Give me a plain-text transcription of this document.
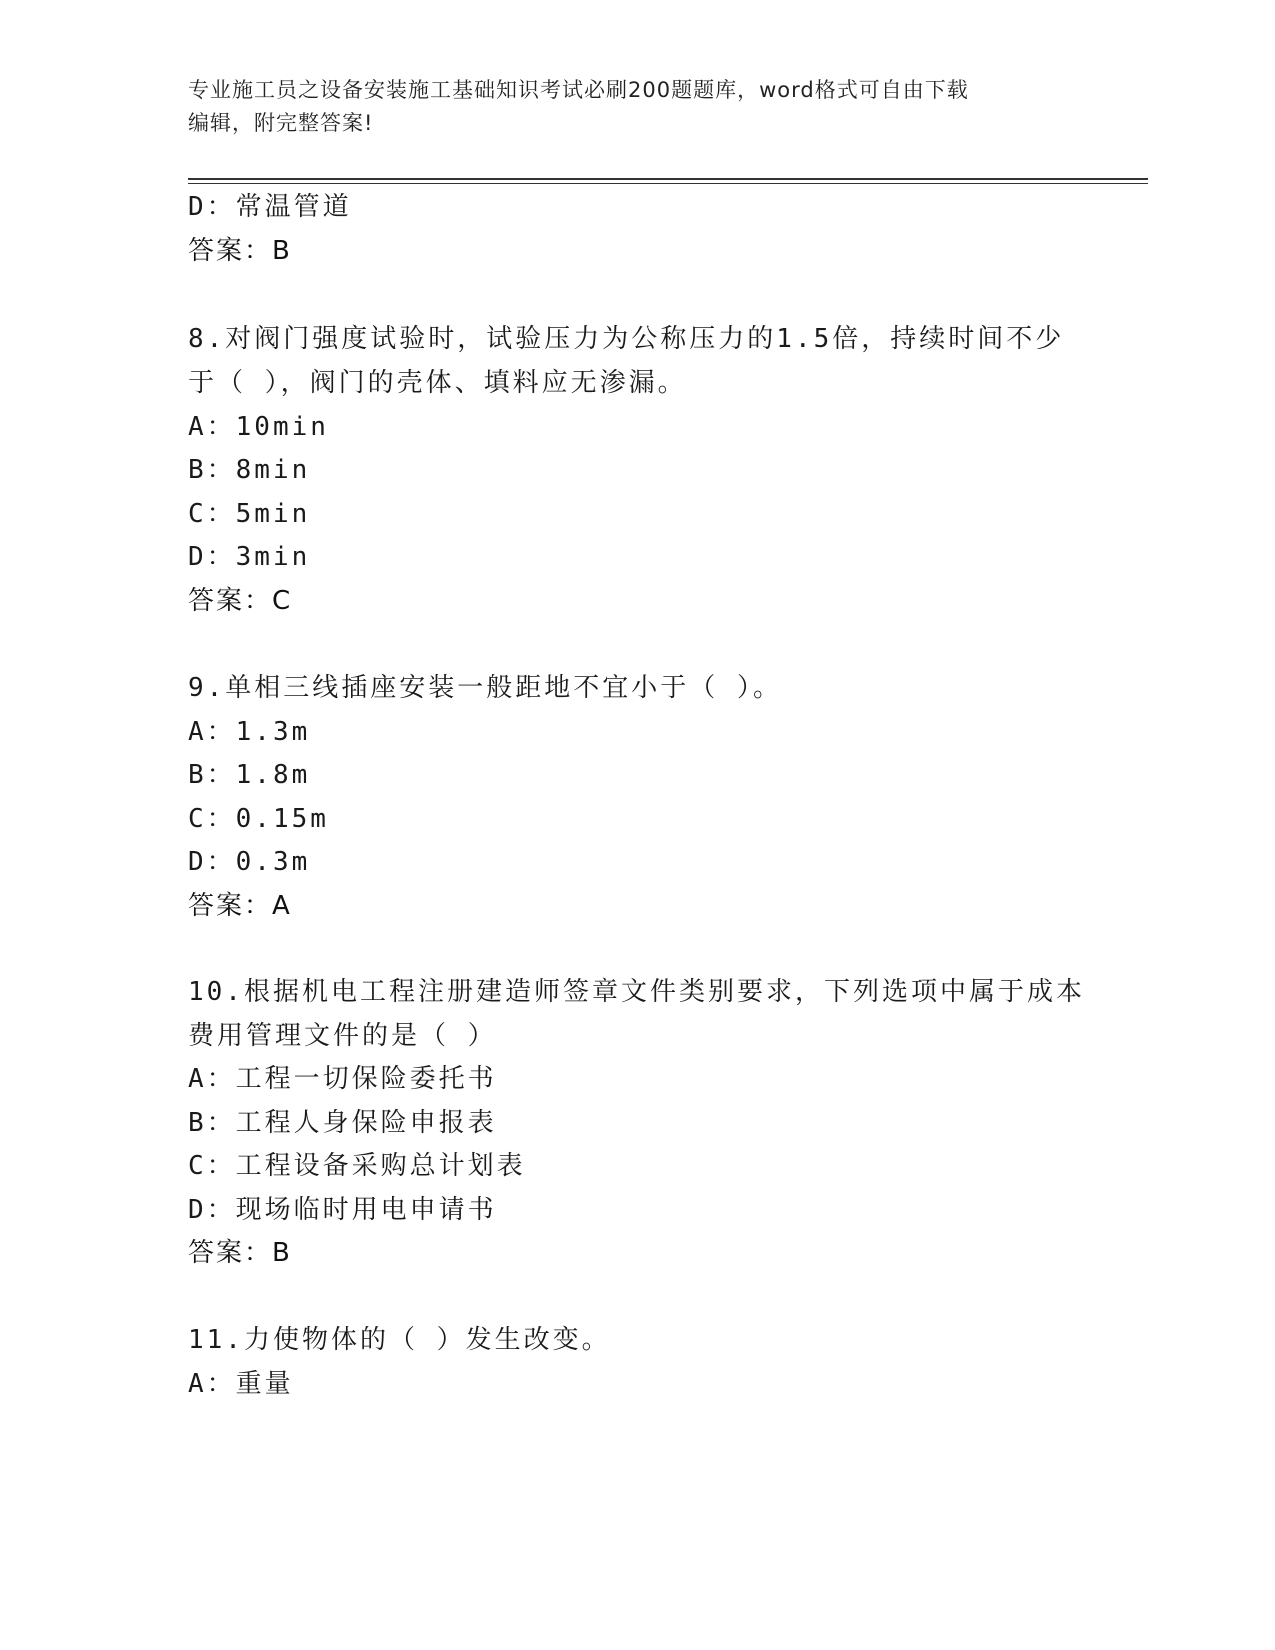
专业施工员之设备安装施工基础知识考试必刷200题题库，word格式可自由下载
编辑，附完整答案!
D：常温管道
答案：B
8.对阀门强度试验时，试验压力为公称压力的1.5倍，持续时间不少
于（ ），阀门的壳体、填料应无渗漏。
A：10min
B：8min
C：5min
D：3min
答案：C
9.单相三线插座安装一般距地不宜小于（ ）。
A：1.3m
B：1.8m
C：0.15m
D：0.3m
答案：A
10.根据机电工程注册建造师签章文件类别要求，下列选项中属于成本
费用管理文件的是（ ）
A：工程一切保险委托书
B：工程人身保险申报表
C：工程设备采购总计划表
D：现场临时用电申请书
答案：B
11.力使物体的（ ）发生改变。
A：重量
